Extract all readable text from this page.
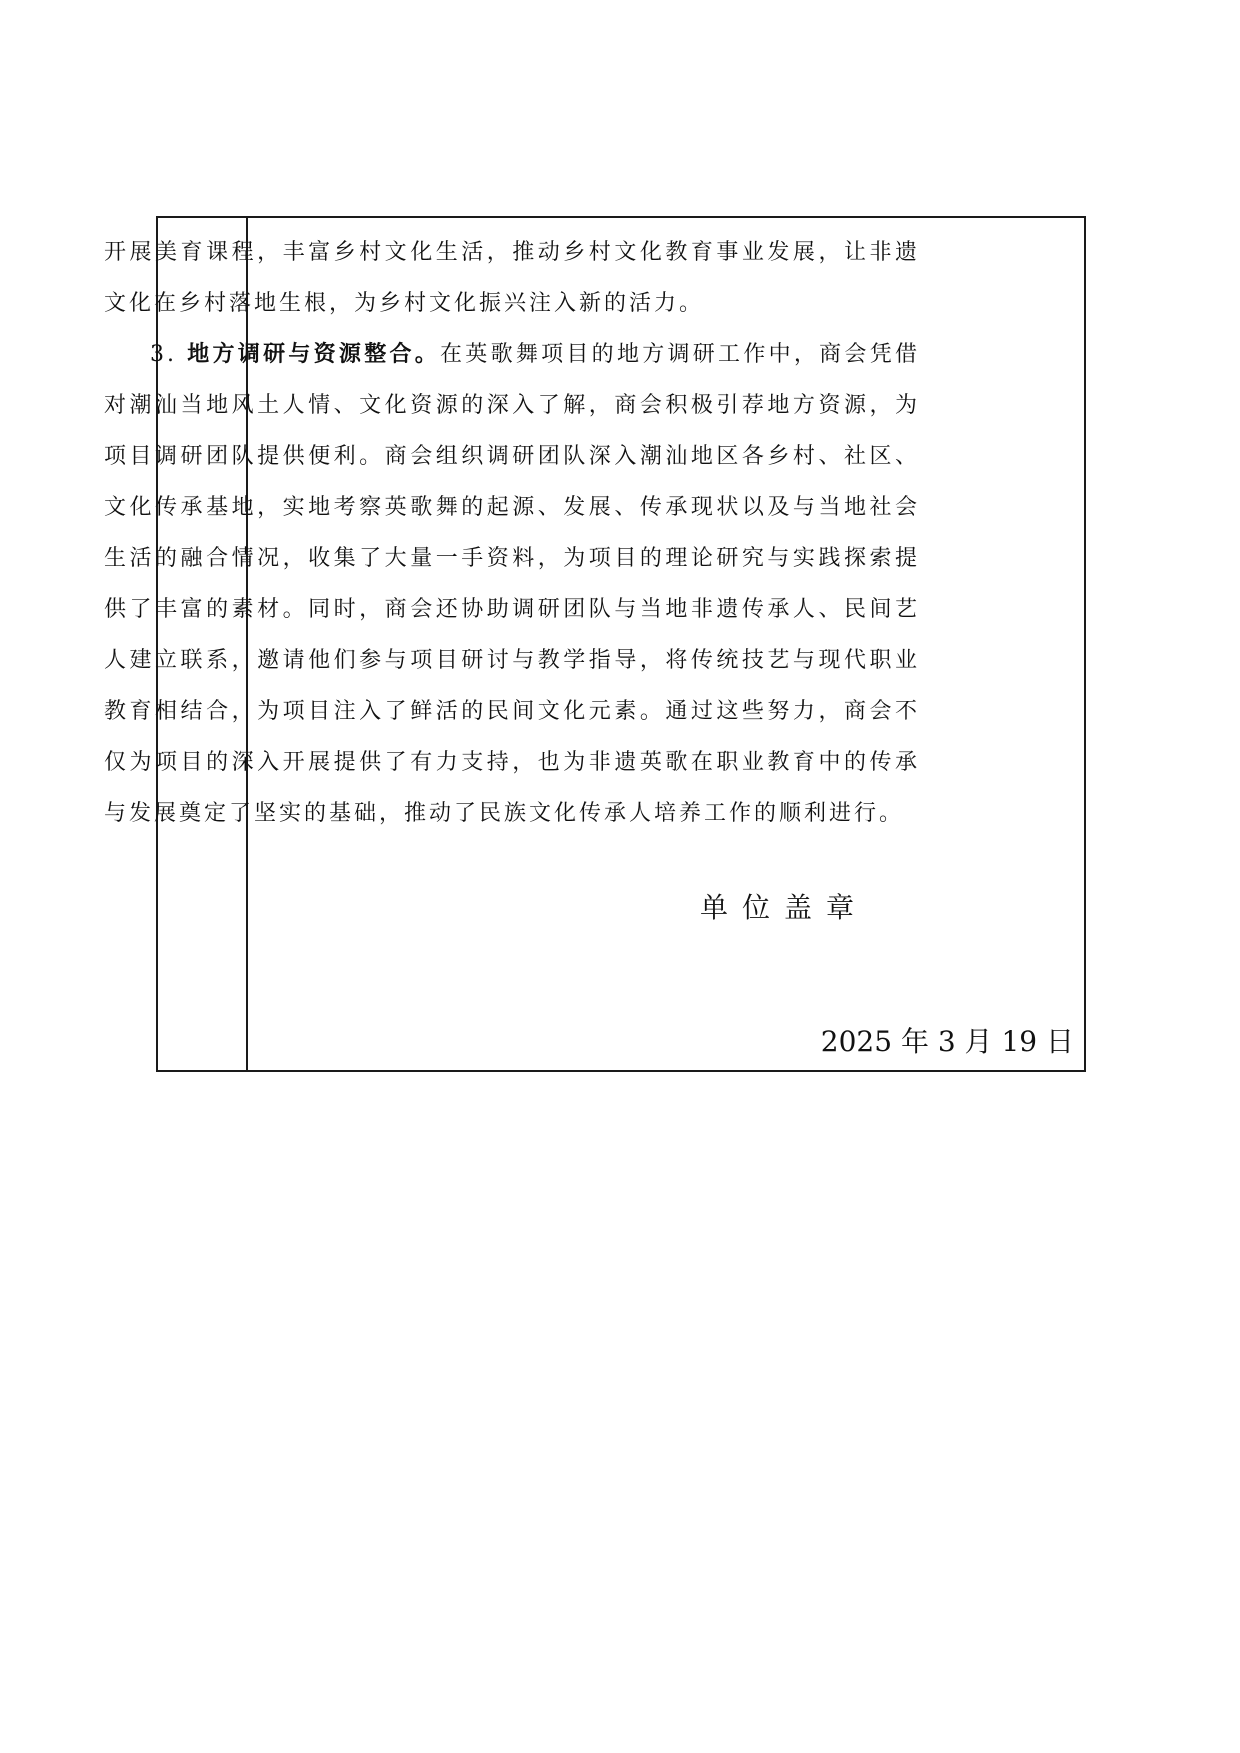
开展美育课程，丰富乡村文化生活，推动乡村文化教育事业发展，让非遗文化在乡村落地生根，为乡村文化振兴注入新的活力。

3. 地方调研与资源整合。在英歌舞项目的地方调研工作中，商会凭借对潮汕当地风土人情、文化资源的深入了解，商会积极引荐地方资源，为项目调研团队提供便利。商会组织调研团队深入潮汕地区各乡村、社区、文化传承基地，实地考察英歌舞的起源、发展、传承现状以及与当地社会生活的融合情况，收集了大量一手资料，为项目的理论研究与实践探索提供了丰富的素材。同时，商会还协助调研团队与当地非遗传承人、民间艺人建立联系，邀请他们参与项目研讨与教学指导，将传统技艺与现代职业教育相结合，为项目注入了鲜活的民间文化元素。通过这些努力，商会不仅为项目的深入开展提供了有力支持，也为非遗英歌在职业教育中的传承与发展奠定了坚实的基础，推动了民族文化传承人培养工作的顺利进行。

单位盖章

2025 年 3 月 19 日
